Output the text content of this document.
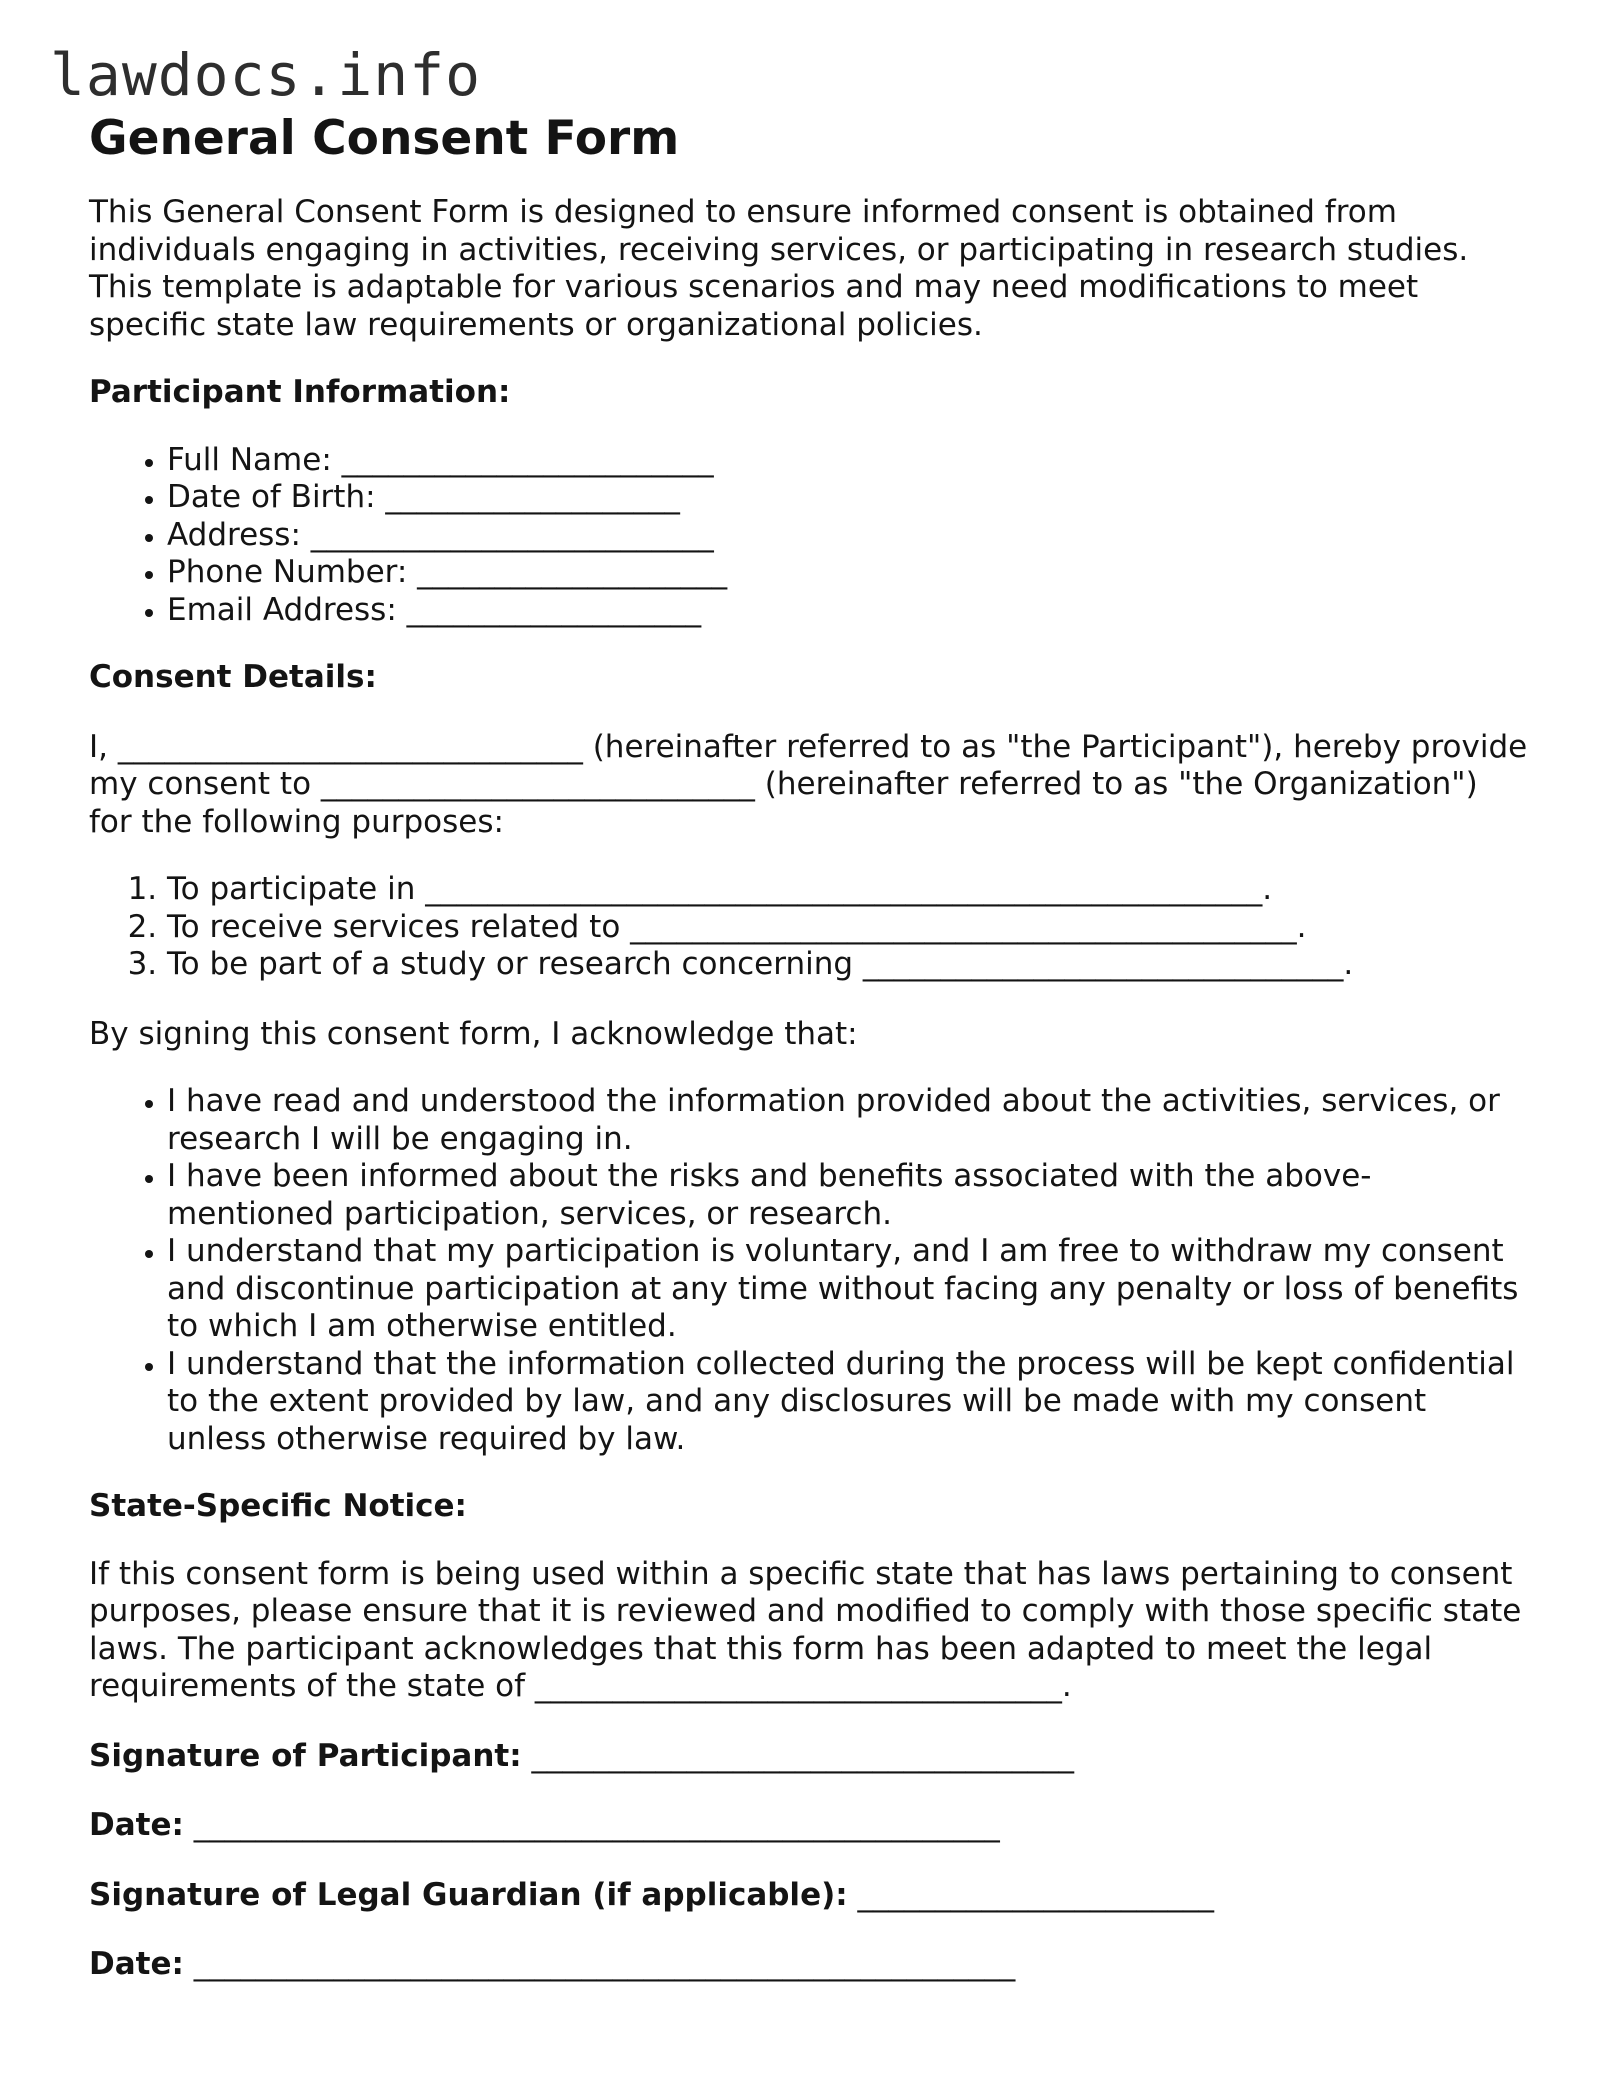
lawdocs.info
General Consent Form

This General Consent Form is designed to ensure informed consent is obtained from individuals engaging in activities, receiving services, or participating in research studies. This template is adaptable for various scenarios and may need modifications to meet specific state law requirements or organizational policies.

Participant Information:

• Full Name: ________________________
• Date of Birth: ___________________
• Address: __________________________
• Phone Number: ____________________
• Email Address: ___________________

Consent Details:

I, ______________________________ (hereinafter referred to as "the Participant"), hereby provide my consent to ____________________________ (hereinafter referred to as "the Organization") for the following purposes:

1. To participate in ______________________________________________________.
2. To receive services related to ___________________________________________.
3. To be part of a study or research concerning _______________________________.

By signing this consent form, I acknowledge that:

• I have read and understood the information provided about the activities, services, or research I will be engaging in.
• I have been informed about the risks and benefits associated with the above-mentioned participation, services, or research.
• I understand that my participation is voluntary, and I am free to withdraw my consent and discontinue participation at any time without facing any penalty or loss of benefits to which I am otherwise entitled.
• I understand that the information collected during the process will be kept confidential to the extent provided by law, and any disclosures will be made with my consent unless otherwise required by law.

State-Specific Notice:

If this consent form is being used within a specific state that has laws pertaining to consent purposes, please ensure that it is reviewed and modified to comply with those specific state laws. The participant acknowledges that this form has been adapted to meet the legal requirements of the state of __________________________________.

Signature of Participant: ___________________________________

Date: ____________________________________________________

Signature of Legal Guardian (if applicable): _______________________

Date: _____________________________________________________
